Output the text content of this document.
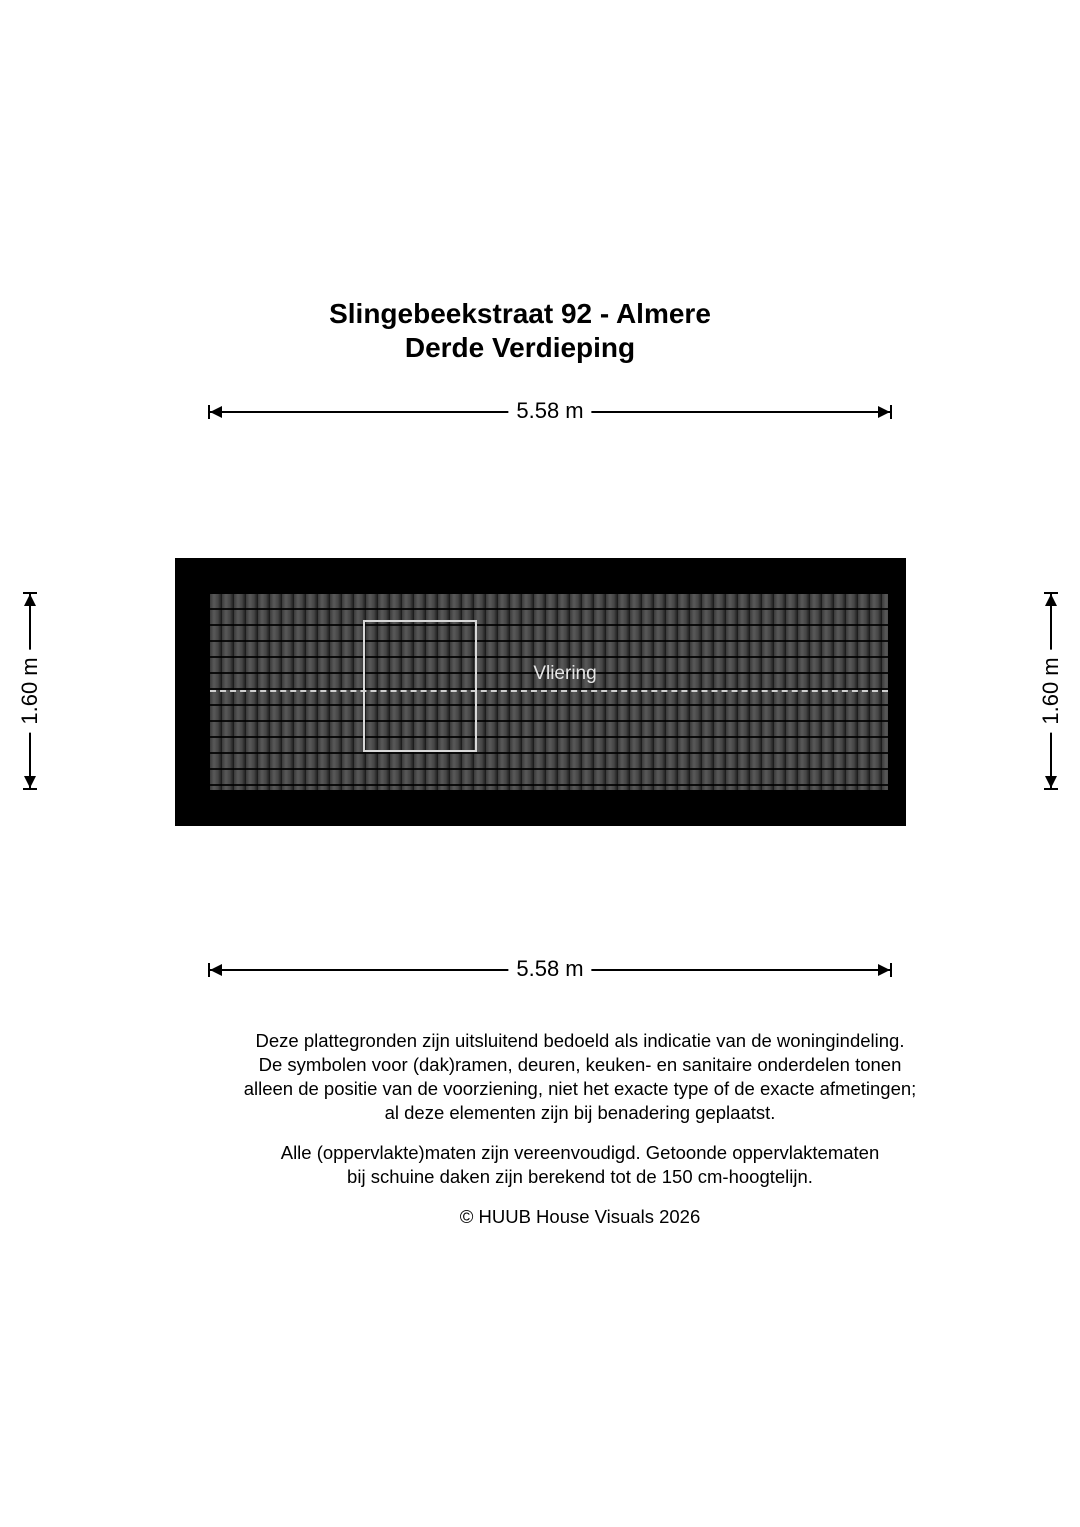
Slingebeekstraat 92 - Almere
Derde Verdieping
5.58 m
1.60 m	1.60 m
Vliering
5.58 m

Deze plattegronden zijn uitsluitend bedoeld als indicatie van de woningindeling.

De symbolen voor (dak)ramen, deuren, keuken- en sanitaire onderdelen tonen

alleen de positie van de voorziening, niet het exacte type of de exacte afmetingen;

al deze elementen zijn bij benadering geplaatst.

Alle (oppervlakte)maten zijn vereenvoudigd. Getoonde oppervlaktematen

bij schuine daken zijn berekend tot de 150 cm-hoogtelijn.

© HUUB House Visuals 2026
